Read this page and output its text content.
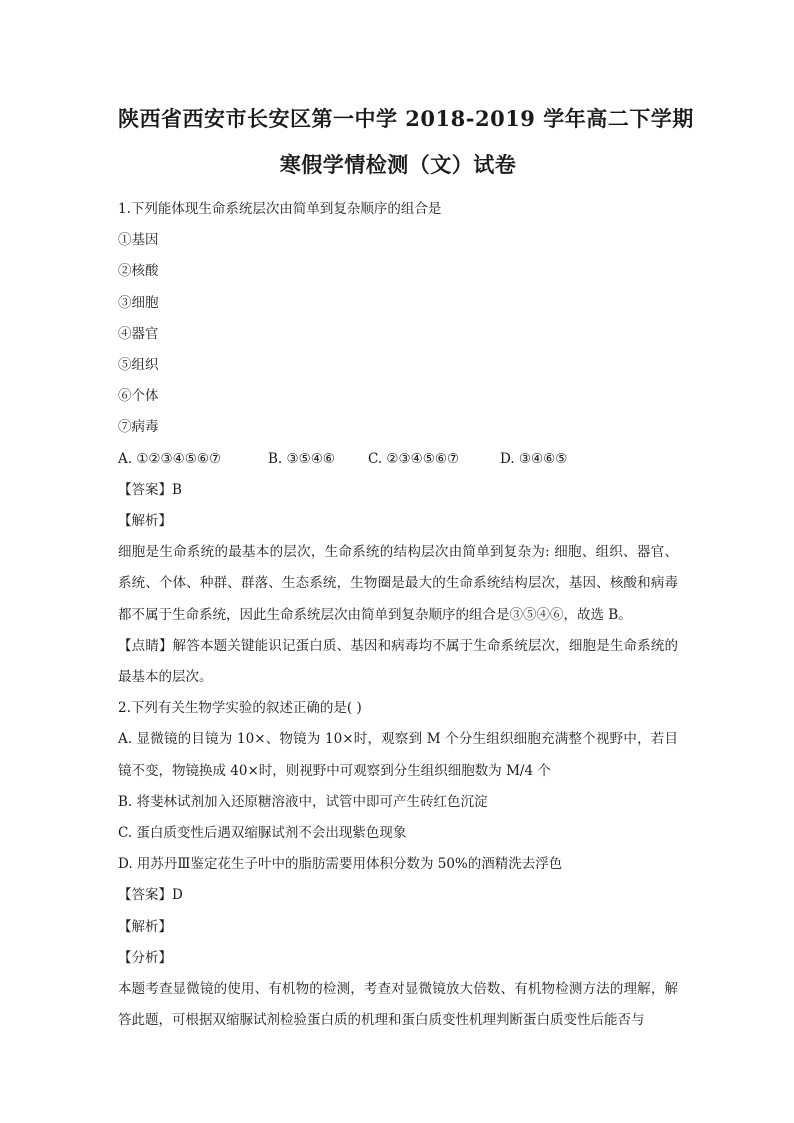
陕西省西安市长安区第一中学 2018-2019 学年高二下学期
寒假学情检测（文）试卷

1.下列能体现生命系统层次由简单到复杂顺序的组合是

①基因

②核酸

③细胞

④器官

⑤组织

⑥个体

⑦病毒

A. ①②③④⑤⑥⑦	B. ③⑤④⑥ C. ②③④⑤⑥⑦	D. ③④⑥⑤

【答案】B

【解析】

细胞是生命系统的最基本的层次，生命系统的结构层次由简单到复杂为: 细胞、组织、器官、系统、个体、种群、群落、生态系统，生物圈是最大的生命系统结构层次，基因、核酸和病毒都不属于生命系统，因此生命系统层次由简单到复杂顺序的组合是③⑤④⑥，故选 B。

【点睛】解答本题关键能识记蛋白质、基因和病毒均不属于生命系统层次，细胞是生命系统的最基本的层次。

2.下列有关生物学实验的叙述正确的是( )

A. 显微镜的目镜为 10×、物镜为 10×时，观察到 M 个分生组织细胞充满整个视野中，若目镜不变，物镜换成 40×时，则视野中可观察到分生组织细胞数为 M/4 个

B. 将斐林试剂加入还原糖溶液中，试管中即可产生砖红色沉淀

C. 蛋白质变性后遇双缩脲试剂不会出现紫色现象

D. 用苏丹Ⅲ鉴定花生子叶中的脂肪需要用体积分数为 50%的酒精洗去浮色

【答案】D

【解析】

【分析】

本题考查显微镜的使用、有机物的检测，考查对显微镜放大倍数、有机物检测方法的理解，解答此题，可根据双缩脲试剂检验蛋白质的机理和蛋白质变性机理判断蛋白质变性后能否与
